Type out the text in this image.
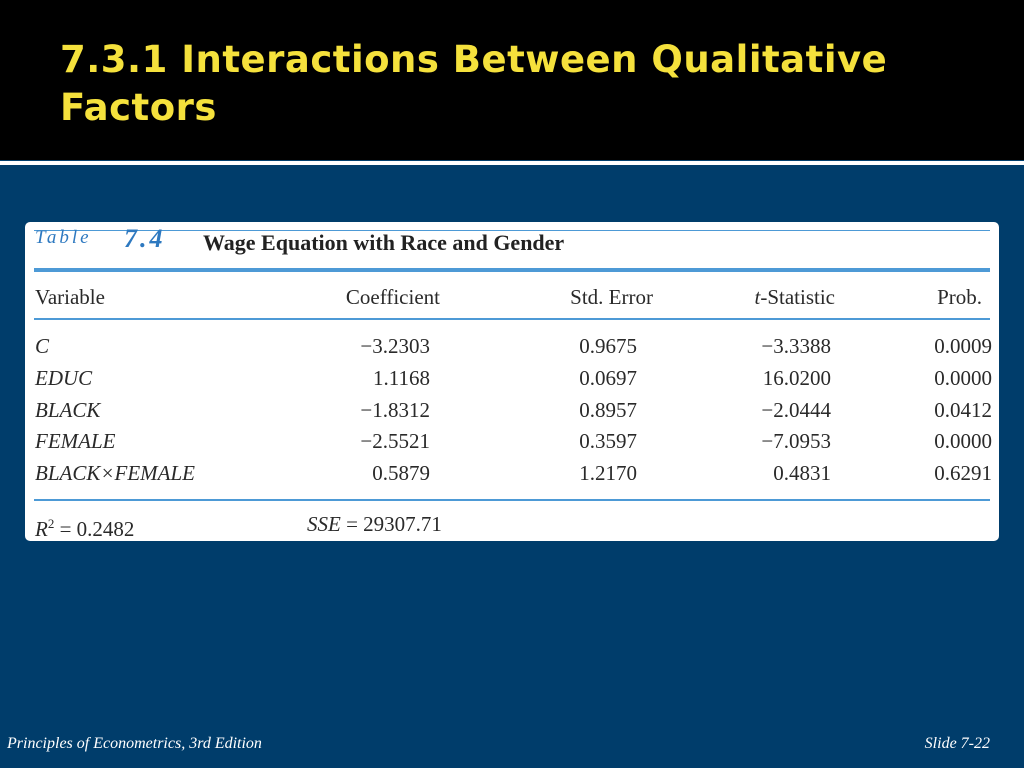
7.3.1 Interactions Between Qualitative Factors
Table 7.4 Wage Equation with Race and Gender
Variable	Coefficient	Std. Error	t-Statistic	Prob.
C	−3.2303	0.9675	−3.3388	0.0009
EDUC	1.1168	0.0697	16.0200	0.0000
BLACK	−1.8312	0.8957	−2.0444	0.0412
FEMALE	−2.5521	0.3597	−7.0953	0.0000
BLACK×FEMALE	0.5879	1.2170	0.4831	0.6291
$R^2 = 0.2482$	SSE = 29307.71
Principles of Econometrics, 3rd Edition	Slide 7-22
